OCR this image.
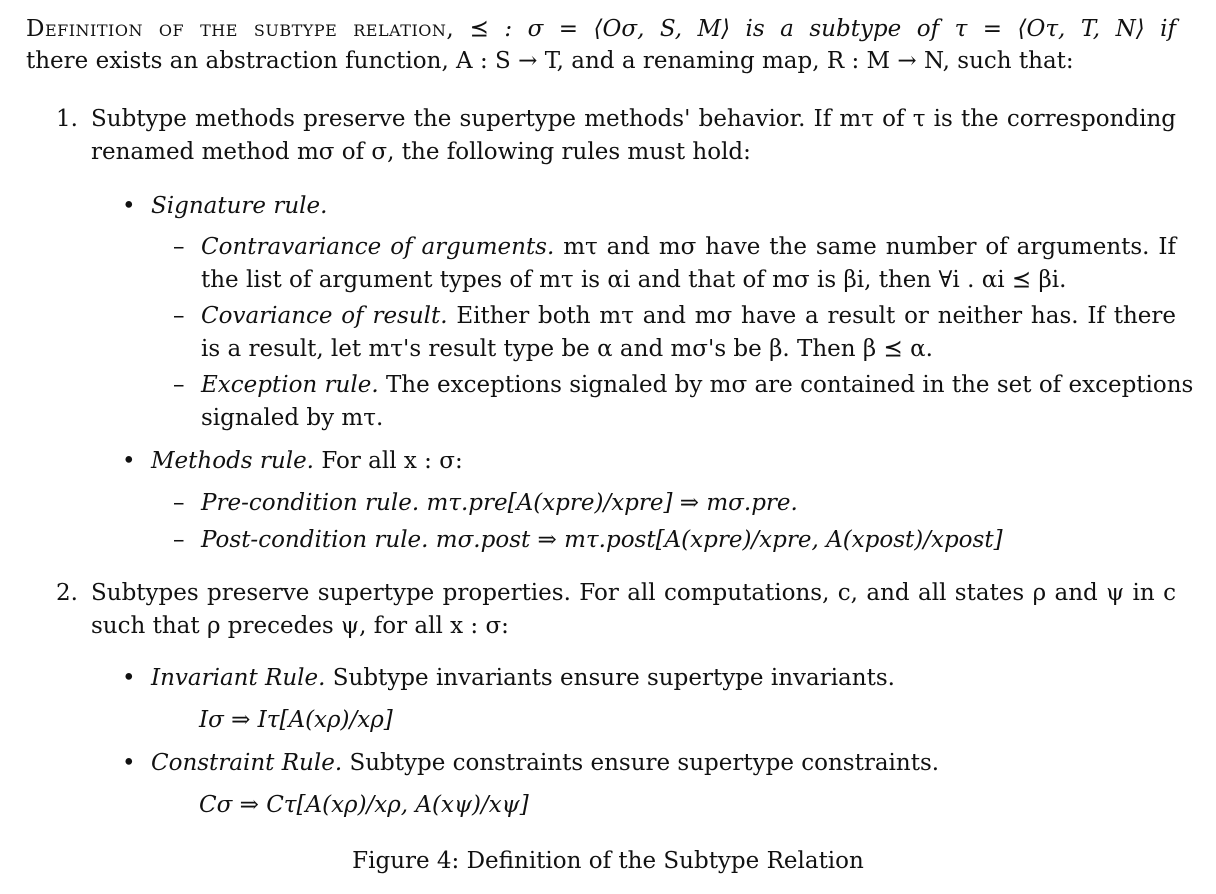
Definition of the subtype relation, ⪯ : σ = ⟨Oσ, S, M⟩ is a subtype of τ = ⟨Oτ, T, N⟩ if
there exists an abstraction function, A : S → T, and a renaming map, R : M → N, such that:
1. Subtype methods preserve the supertype methods' behavior. If mτ of τ is the corresponding
renamed method mσ of σ, the following rules must hold:
• Signature rule.
– Contravariance of arguments. mτ and mσ have the same number of arguments. If
the list of argument types of mτ is αi and that of mσ is βi, then ∀i . αi ⪯ βi.
– Covariance of result. Either both mτ and mσ have a result or neither has. If there
is a result, let mτ's result type be α and mσ's be β. Then β ⪯ α.
– Exception rule. The exceptions signaled by mσ are contained in the set of exceptions
signaled by mτ.
• Methods rule. For all x : σ:
– Pre-condition rule. mτ.pre[A(xpre)/xpre] ⇒ mσ.pre.
– Post-condition rule. mσ.post ⇒ mτ.post[A(xpre)/xpre, A(xpost)/xpost]
2. Subtypes preserve supertype properties. For all computations, c, and all states ρ and ψ in c
such that ρ precedes ψ, for all x : σ:
• Invariant Rule. Subtype invariants ensure supertype invariants.
Iσ ⇒ Iτ[A(xρ)/xρ]
• Constraint Rule. Subtype constraints ensure supertype constraints.
Cσ ⇒ Cτ[A(xρ)/xρ, A(xψ)/xψ]
Figure 4: Definition of the Subtype Relation
